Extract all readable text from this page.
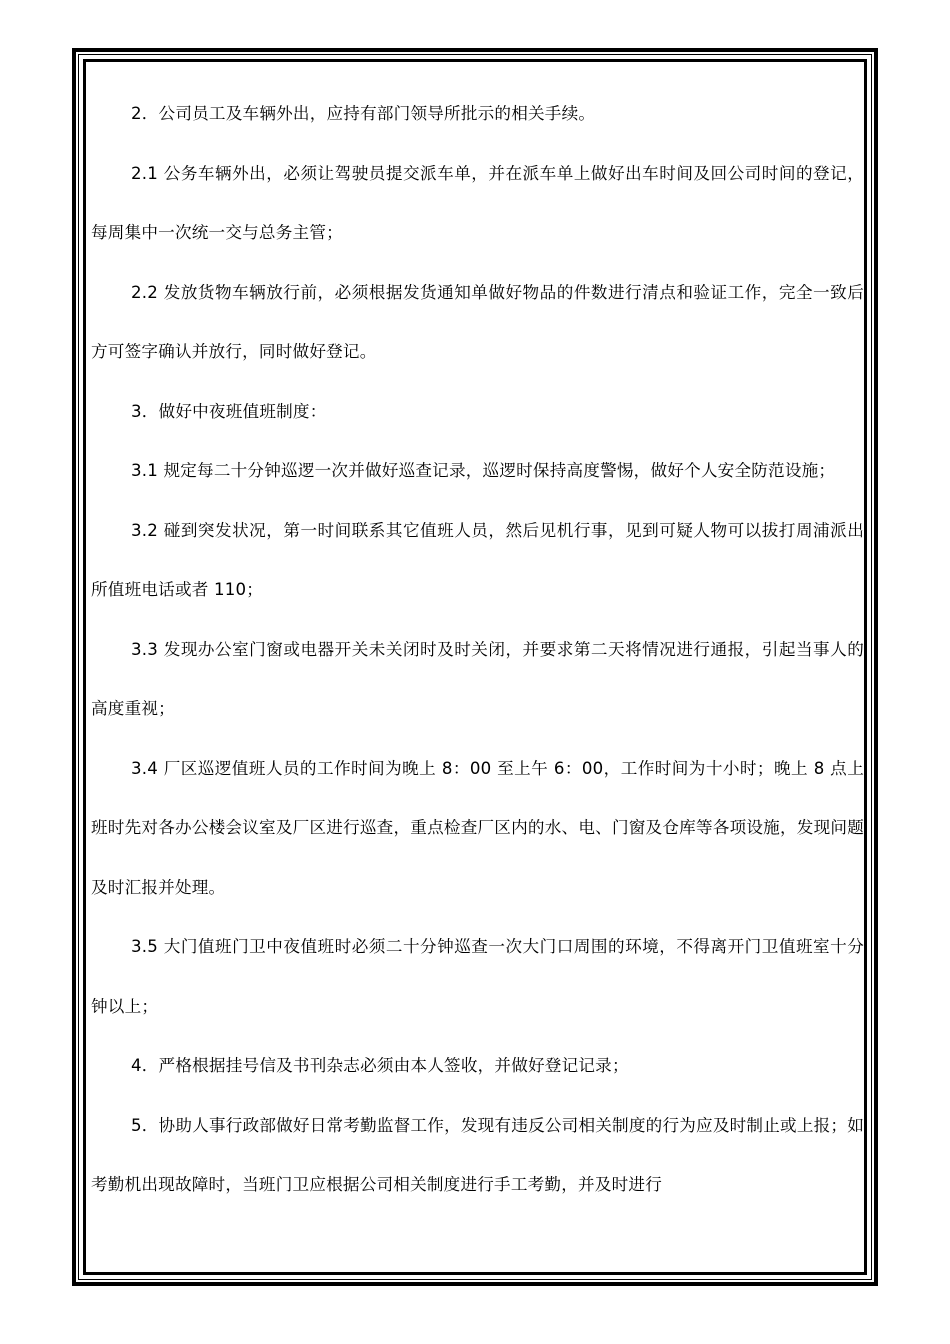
2．公司员工及车辆外出，应持有部门领导所批示的相关手续。

2.1 公务车辆外出，必须让驾驶员提交派车单，并在派车单上做好出车时间及回公司时间的登记，每周集中一次统一交与总务主管；

2.2 发放货物车辆放行前，必须根据发货通知单做好物品的件数进行清点和验证工作，完全一致后方可签字确认并放行，同时做好登记。

3．做好中夜班值班制度：

3.1 规定每二十分钟巡逻一次并做好巡查记录，巡逻时保持高度警惕，做好个人安全防范设施；

3.2 碰到突发状况，第一时间联系其它值班人员，然后见机行事，见到可疑人物可以拔打周浦派出所值班电话或者 110；

3.3 发现办公室门窗或电器开关未关闭时及时关闭，并要求第二天将情况进行通报，引起当事人的高度重视；

3.4 厂区巡逻值班人员的工作时间为晚上 8：00 至上午 6：00，工作时间为十小时；晚上 8 点上班时先对各办公楼会议室及厂区进行巡查，重点检查厂区内的水、电、门窗及仓库等各项设施，发现问题及时汇报并处理。

3.5 大门值班门卫中夜值班时必须二十分钟巡查一次大门口周围的环境，不得离开门卫值班室十分钟以上；

4．严格根据挂号信及书刊杂志必须由本人签收，并做好登记记录；

5．协助人事行政部做好日常考勤监督工作，发现有违反公司相关制度的行为应及时制止或上报；如考勤机出现故障时，当班门卫应根据公司相关制度进行手工考勤，并及时进行
